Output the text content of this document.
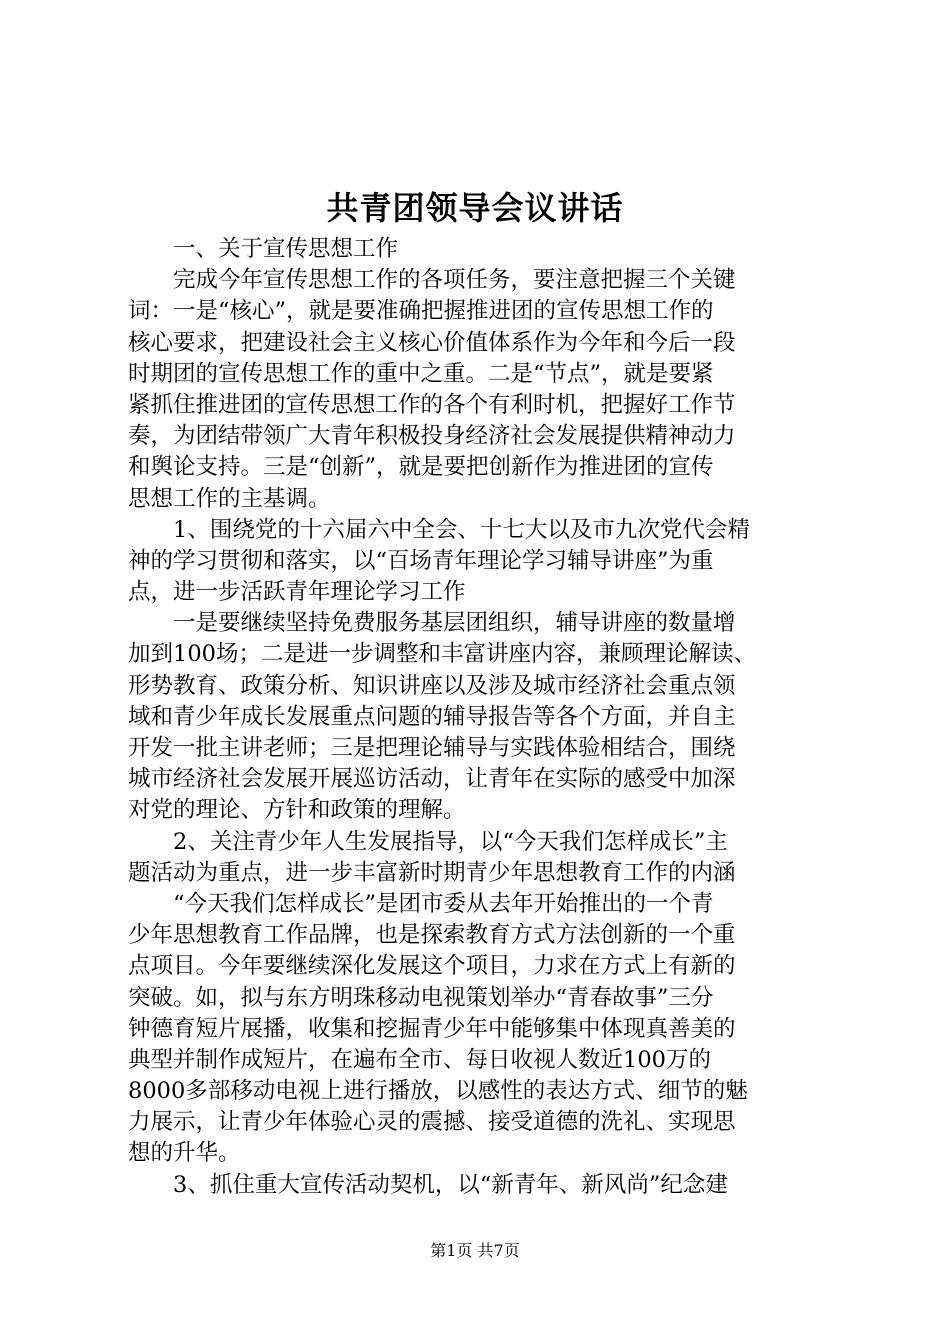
共青团领导会议讲话
　　一、关于宣传思想工作
　　完成今年宣传思想工作的各项任务，要注意把握三个关键
词：一是“核心”，就是要准确把握推进团的宣传思想工作的
核心要求，把建设社会主义核心价值体系作为今年和今后一段
时期团的宣传思想工作的重中之重。二是“节点”，就是要紧
紧抓住推进团的宣传思想工作的各个有利时机，把握好工作节
奏，为团结带领广大青年积极投身经济社会发展提供精神动力
和舆论支持。三是“创新”，就是要把创新作为推进团的宣传
思想工作的主基调。
　　1、围绕党的十六届六中全会、十七大以及市九次党代会精
神的学习贯彻和落实，以“百场青年理论学习辅导讲座”为重
点，进一步活跃青年理论学习工作
　　一是要继续坚持免费服务基层团组织，辅导讲座的数量增
加到100场；二是进一步调整和丰富讲座内容，兼顾理论解读、
形势教育、政策分析、知识讲座以及涉及城市经济社会重点领
域和青少年成长发展重点问题的辅导报告等各个方面，并自主
开发一批主讲老师；三是把理论辅导与实践体验相结合，围绕
城市经济社会发展开展巡访活动，让青年在实际的感受中加深
对党的理论、方针和政策的理解。
　　2、关注青少年人生发展指导，以“今天我们怎样成长”主
题活动为重点，进一步丰富新时期青少年思想教育工作的内涵
　　“今天我们怎样成长”是团市委从去年开始推出的一个青
少年思想教育工作品牌，也是探索教育方式方法创新的一个重
点项目。今年要继续深化发展这个项目，力求在方式上有新的
突破。如，拟与东方明珠移动电视策划举办“青春故事”三分
钟德育短片展播，收集和挖掘青少年中能够集中体现真善美的
典型并制作成短片，在遍布全市、每日收视人数近100万的
8000多部移动电视上进行播放，以感性的表达方式、细节的魅
力展示，让青少年体验心灵的震撼、接受道德的洗礼、实现思
想的升华。
　　3、抓住重大宣传活动契机，以“新青年、新风尚”纪念建
第1页 共7页
